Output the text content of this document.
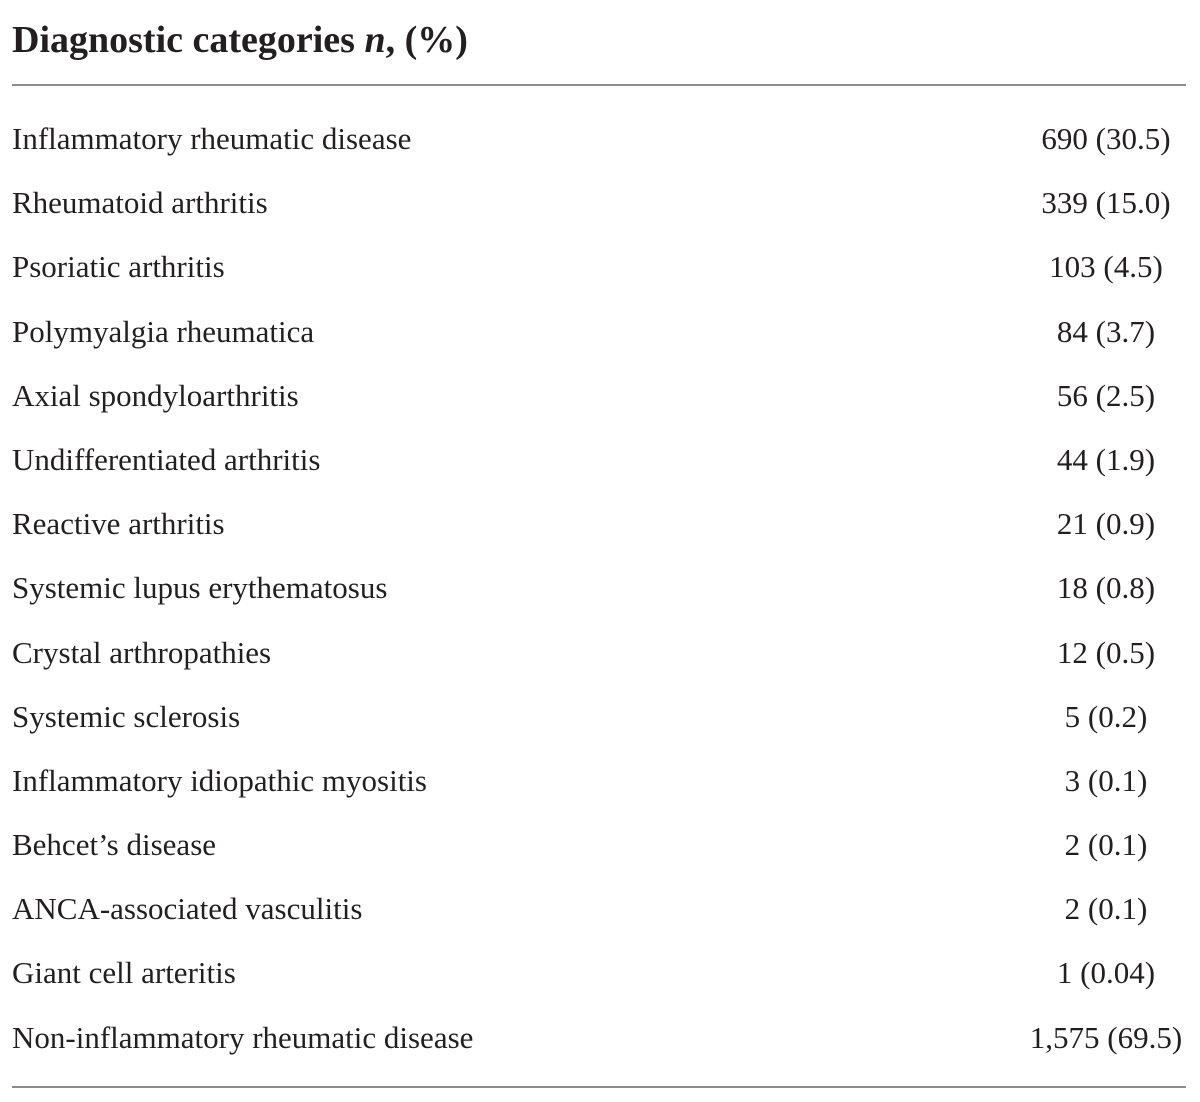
Diagnostic categories n, (%)
Inflammatory rheumatic disease	690 (30.5)
Rheumatoid arthritis	339 (15.0)
Psoriatic arthritis	103 (4.5)
Polymyalgia rheumatica	84 (3.7)
Axial spondyloarthritis	56 (2.5)
Undifferentiated arthritis	44 (1.9)
Reactive arthritis	21 (0.9)
Systemic lupus erythematosus	18 (0.8)
Crystal arthropathies	12 (0.5)
Systemic sclerosis	5 (0.2)
Inflammatory idiopathic myositis	3 (0.1)
Behcet’s disease	2 (0.1)
ANCA-associated vasculitis	2 (0.1)
Giant cell arteritis	1 (0.04)
Non-inflammatory rheumatic disease	1,575 (69.5)
